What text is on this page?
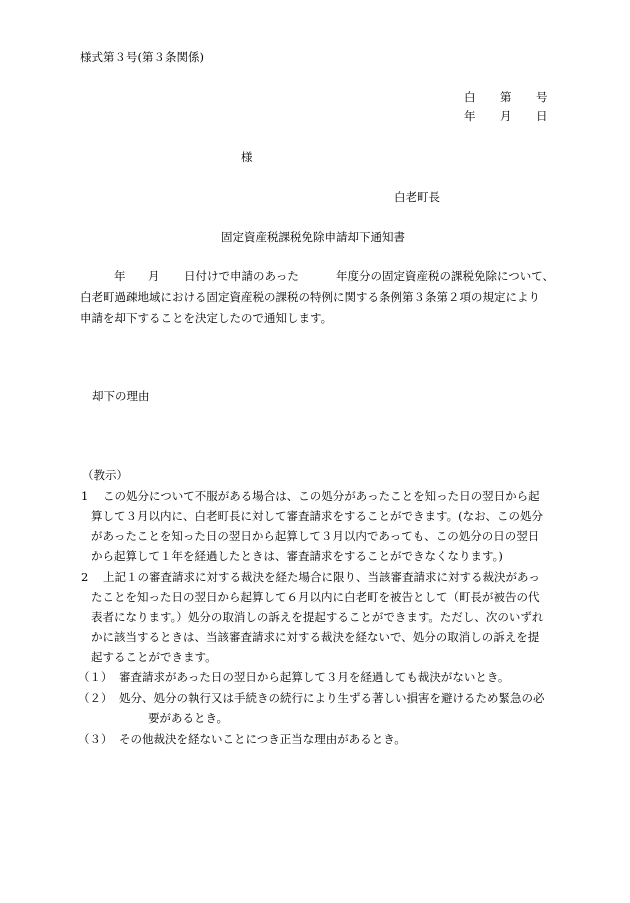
様式第３号(第３条関係)
白 第 号
年 月 日
様
白老町長
固定資産税課税免除申請却下通知書
年 月 日付けで申請のあった	年度分の固定資産税の課税免除について、
白老町過疎地域における固定資産税の課税の特例に関する条例第３条第２項の規定により
申請を却下することを決定したので通知します。
却下の理由
（教示）
1 この処分について不服がある場合は、この処分があったことを知った日の翌日から起
算して３月以内に、白老町長に対して審査請求をすることができます。(なお、この処分
があったことを知った日の翌日から起算して３月以内であっても、この処分の日の翌日
から起算して１年を経過したときは、審査請求をすることができなくなります。)
2 上記１の審査請求に対する裁決を経た場合に限り、当該審査請求に対する裁決があっ
たことを知った日の翌日から起算して６月以内に白老町を被告として（町長が被告の代
表者になります。）処分の取消しの訴えを提起することができます。ただし、次のいずれ
かに該当するときは、当該審査請求に対する裁決を経ないで、処分の取消しの訴えを提
起することができます。
（１） 審査請求があった日の翌日から起算して３月を経過しても裁決がないとき。
（２） 処分、処分の執行又は手続きの続行により生ずる著しい損害を避けるため緊急の必
要があるとき。
（３） その他裁決を経ないことにつき正当な理由があるとき。
